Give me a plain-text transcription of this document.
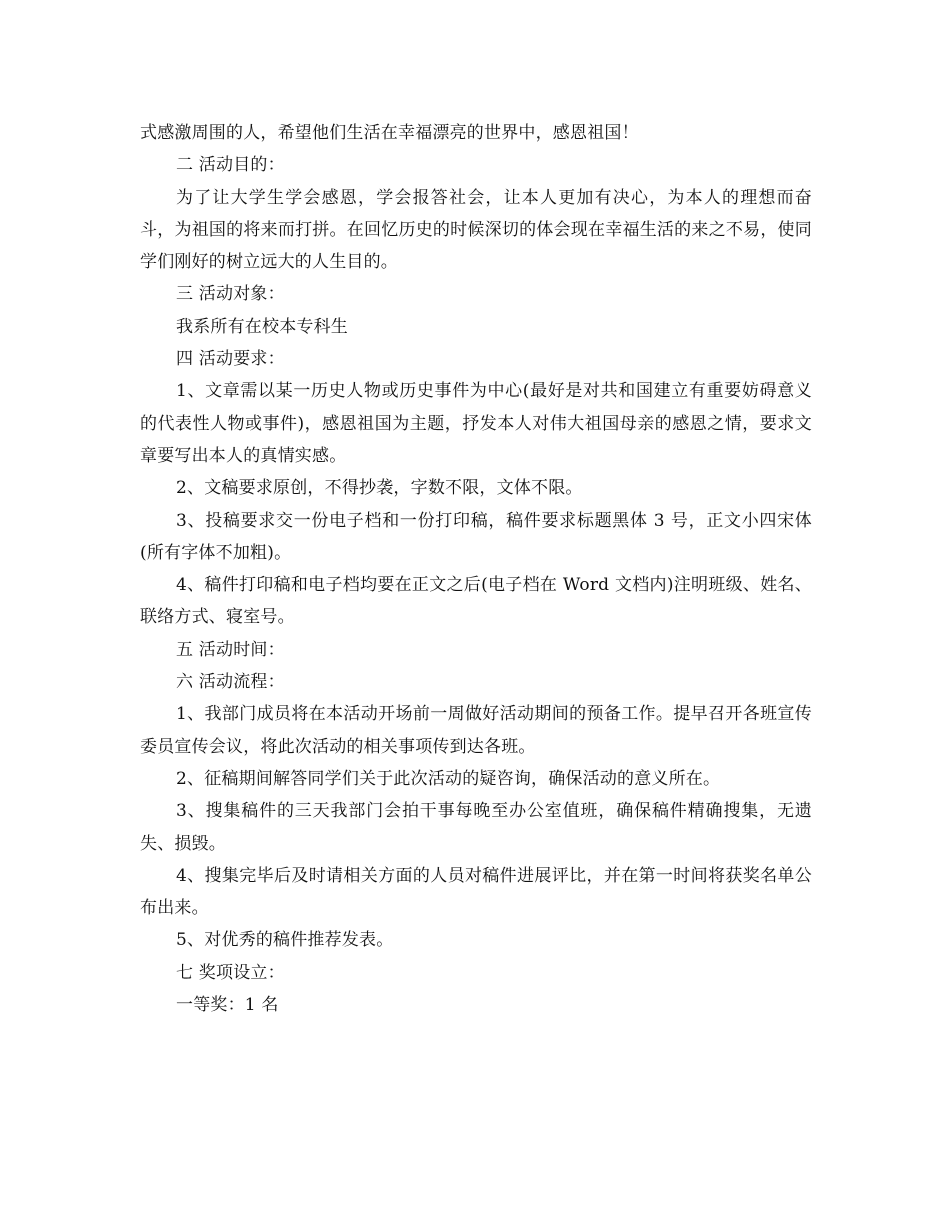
式感激周围的人，希望他们生活在幸福漂亮的世界中，感恩祖国！

二 活动目的：

为了让大学生学会感恩，学会报答社会，让本人更加有决心，为本人的理想而奋斗，为祖国的将来而打拼。在回忆历史的时候深切的体会现在幸福生活的来之不易，使同学们刚好的树立远大的人生目的。

三 活动对象：

我系所有在校本专科生

四 活动要求：

1、文章需以某一历史人物或历史事件为中心(最好是对共和国建立有重要妨碍意义的代表性人物或事件)，感恩祖国为主题，抒发本人对伟大祖国母亲的感恩之情，要求文章要写出本人的真情实感。

2、文稿要求原创，不得抄袭，字数不限，文体不限。

3、投稿要求交一份电子档和一份打印稿，稿件要求标题黑体 3 号，正文小四宋体(所有字体不加粗)。

4、稿件打印稿和电子档均要在正文之后(电子档在 Word 文档内)注明班级、姓名、联络方式、寝室号。

五 活动时间：

六 活动流程：

1、我部门成员将在本活动开场前一周做好活动期间的预备工作。提早召开各班宣传委员宣传会议，将此次活动的相关事项传到达各班。

2、征稿期间解答同学们关于此次活动的疑咨询，确保活动的意义所在。

3、搜集稿件的三天我部门会拍干事每晚至办公室值班，确保稿件精确搜集，无遗失、损毁。

4、搜集完毕后及时请相关方面的人员对稿件进展评比，并在第一时间将获奖名单公布出来。

5、对优秀的稿件推荐发表。

七 奖项设立：

一等奖：1 名
